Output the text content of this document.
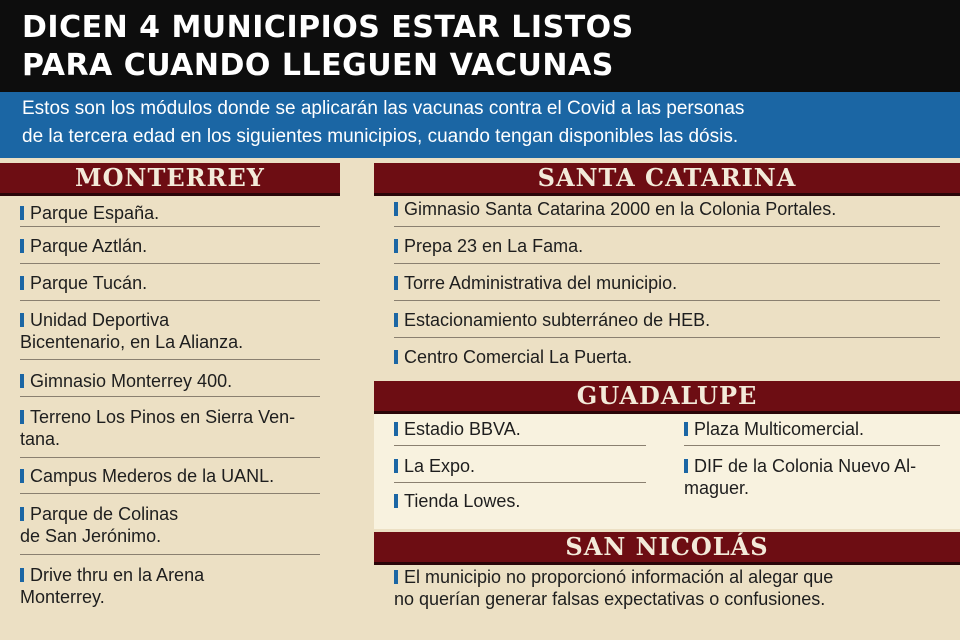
DICEN 4 MUNICIPIOS ESTAR LISTOS
PARA CUANDO LLEGUEN VACUNAS
Estos son los módulos donde se aplicarán las vacunas contra el Covid a las personas
de la tercera edad en los siguientes municipios, cuando tengan disponibles las dósis.
MONTERREY
Parque España.
Parque Aztlán.
Parque Tucán.
Unidad Deportiva
Bicentenario, en La Alianza.
Gimnasio Monterrey 400.
Terreno Los Pinos en Sierra Ven-
tana.
Campus Mederos de la UANL.
Parque de Colinas
de San Jerónimo.
Drive thru en la Arena
Monterrey.
SANTA CATARINA
Gimnasio Santa Catarina 2000 en la Colonia Portales.
Prepa 23 en La Fama.
Torre Administrativa del municipio.
Estacionamiento subterráneo de HEB.
Centro Comercial La Puerta.
GUADALUPE
Estadio BBVA.
La Expo.
Tienda Lowes.
Plaza Multicomercial.
DIF de la Colonia Nuevo Al-
maguer.
SAN NICOLÁS
El municipio no proporcionó información al alegar que
no querían generar falsas expectativas o confusiones.
